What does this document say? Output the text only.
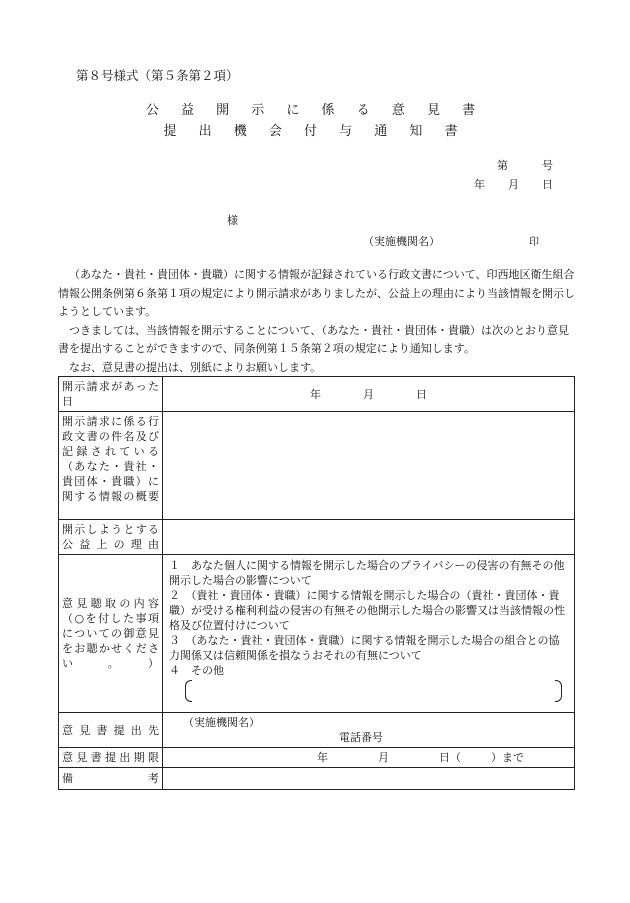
第８号様式（第５条第２項）
公 益 開 示 に 係 る 意 見 書
提 出 機 会 付 与 通 知 書
第	号
年 月 日
様
（実施機関名）	印

（あなた・貴社・貴団体・貴職）に関する情報が記録されている行政文書について、印西地区衛生組合情報公開条例第６条第１項の規定により開示請求がありましたが、公益上の理由により当該情報を開示しようとしています。

つきましては、当該情報を開示することについて、（あなた・貴社・貴団体・貴職）は次のとおり意見書を提出することができますので、同条例第１５条第２項の規定により通知します。

なお、意見書の提出は、別紙によりお願いします。

開示請求があった日	年 月 日
開示請求に係る行政文書の件名及び記録されている（あなた・貴社・貴団体・貴職）に関する情報の概要	
開示しようとする公益上の理由	
意見聴取の内容（○を付した事項についての御意見をお聴かせください。）	１　 あなた個人に関する情報を開示した場合のプライバシーの侵害の有無その他開示した場合の影響について
２　 （貴社・貴団体・貴職）に関する情報を開示した場合の（貴社・貴団体・貴職）が受ける権利利益の侵害の有無その他開示した場合の影響又は当該情報の性格及び位置付けについて
３　 （あなた・貴社・貴団体・貴職）に関する情報を開示した場合の組合との協力関係又は信頼関係を損なうおそれの有無について
４　 その他

意見書提出先	（実施機関名）
電話番号

意見書提出期限	年 月 日（ ）まで
備考	
